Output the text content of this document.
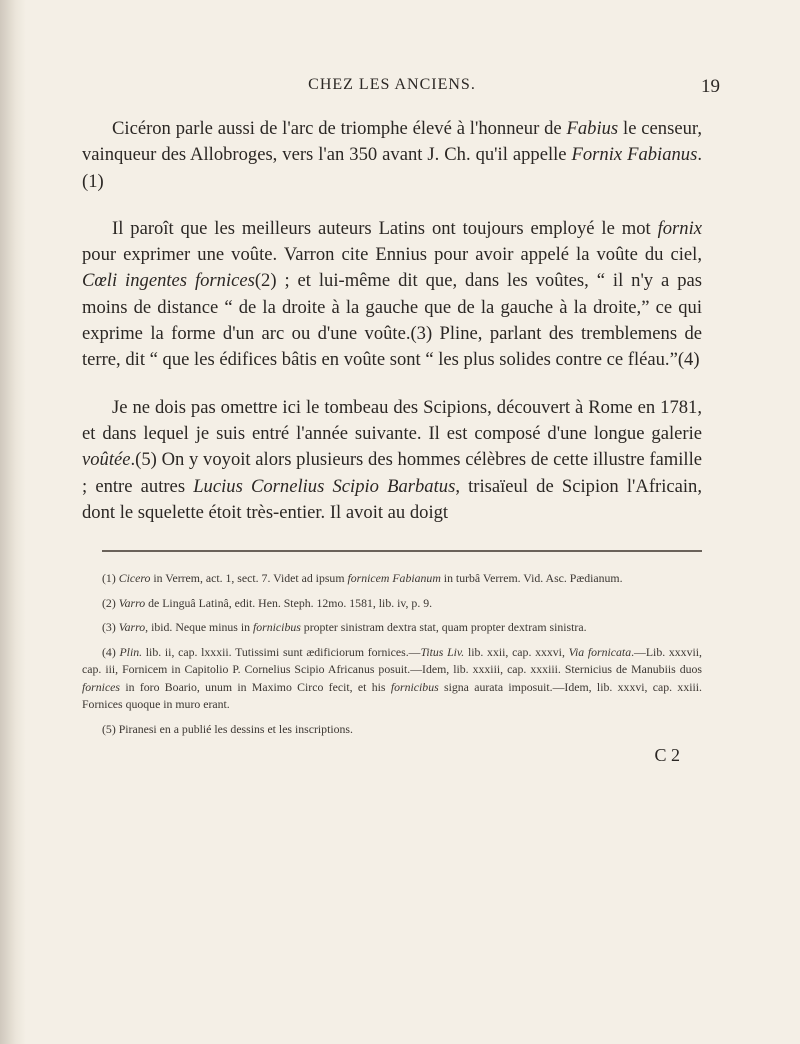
CHEZ LES ANCIENS.	19

Cicéron parle aussi de l'arc de triomphe élevé à l'honneur de Fabius le censeur, vainqueur des Allobroges, vers l'an 350 avant J. Ch. qu'il appelle Fornix Fabianus.(1)

Il paroît que les meilleurs auteurs Latins ont toujours employé le mot fornix pour exprimer une voûte. Varron cite Ennius pour avoir appelé la voûte du ciel, Cœli ingentes fornices(2) ; et lui-même dit que, dans les voûtes, “ il n'y a pas moins de distance “ de la droite à la gauche que de la gauche à la droite,” ce qui exprime la forme d'un arc ou d'une voûte.(3) Pline, parlant des tremblemens de terre, dit “ que les édifices bâtis en voûte sont “ les plus solides contre ce fléau.”(4)

Je ne dois pas omettre ici le tombeau des Scipions, découvert à Rome en 1781, et dans lequel je suis entré l'année suivante. Il est composé d'une longue galerie voûtée.(5) On y voyoit alors plusieurs des hommes célèbres de cette illustre famille ; entre autres Lucius Cornelius Scipio Barbatus, trisaïeul de Scipion l'Africain, dont le squelette étoit très-entier. Il avoit au doigt

(1) Cicero in Verrem, act. 1, sect. 7. Videt ad ipsum fornicem Fabianum in turbâ Verrem. Vid. Asc. Pædianum.

(2) Varro de Linguâ Latinâ, edit. Hen. Steph. 12mo. 1581, lib. iv, p. 9.

(3) Varro, ibid. Neque minus in fornicibus propter sinistram dextra stat, quam propter dextram sinistra.

(4) Plin. lib. ii, cap. lxxxii. Tutissimi sunt ædificiorum fornices.—Titus Liv. lib. xxii, cap. xxxvi, Via fornicata.—Lib. xxxvii, cap. iii, Fornicem in Capitolio P. Cornelius Scipio Africanus posuit.—Idem, lib. xxxiii, cap. xxxiii. Sternicius de Manubiis duos fornices in foro Boario, unum in Maximo Circo fecit, et his fornicibus signa aurata imposuit.—Idem, lib. xxxvi, cap. xxiii. Fornices quoque in muro erant.

(5) Piranesi en a publié les dessins et les inscriptions.

C 2
